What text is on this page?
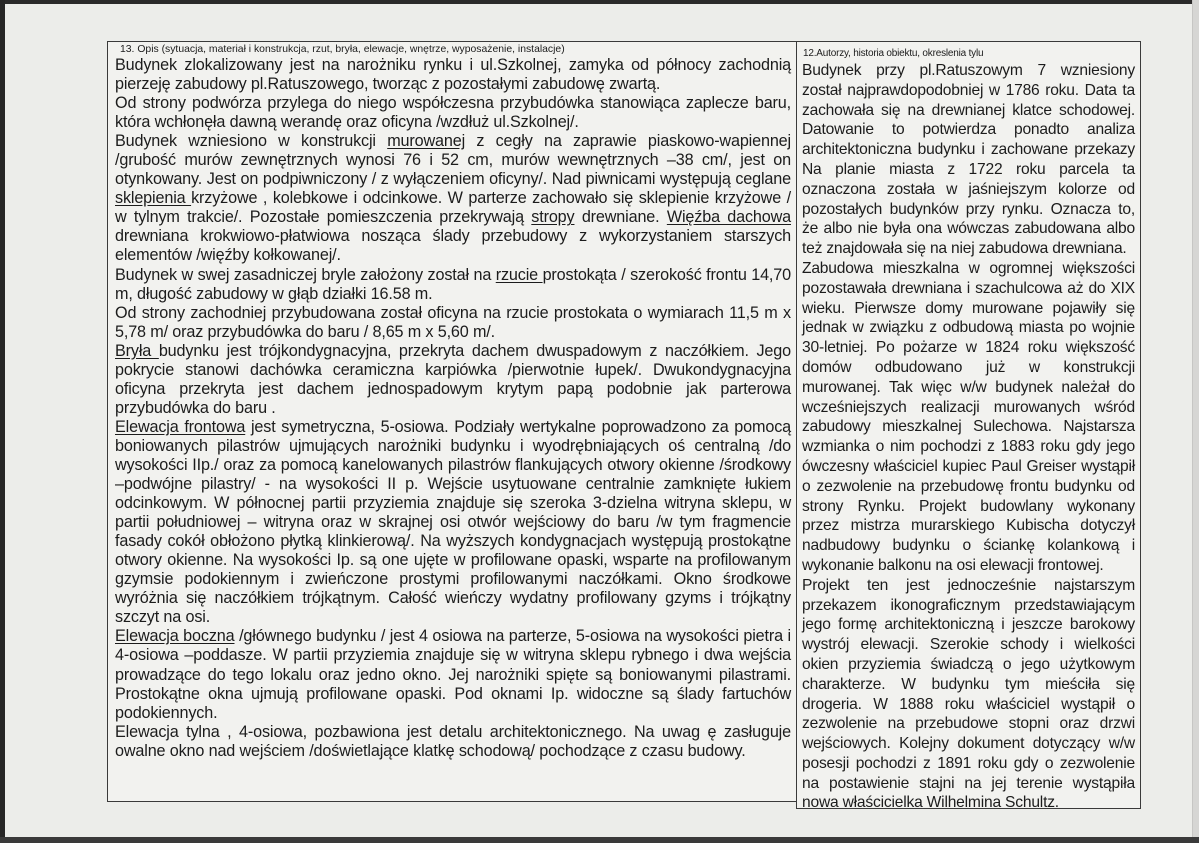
13. Opis (sytuacja, materiał i konstrukcja, rzut, bryła, elewacje, wnętrze, wyposażenie, instalacje)

Budynek zlokalizowany jest na narożniku rynku i ul.Szkolnej, zamyka od północy zachodnią pierzeję zabudowy pl.Ratuszowego, tworząc z pozostałymi zabudowę zwartą.

Od strony podwórza przylega do niego współczesna przybudówka stanowiąca zaplecze baru, która wchłonęła dawną werandę oraz oficyna /wzdłuż ul.Szkolnej/.

Budynek wzniesiono w konstrukcji murowanej z cegły na zaprawie piaskowo-wapiennej /grubość murów zewnętrznych wynosi 76 i 52 cm, murów wewnętrznych –38 cm/, jest on otynkowany. Jest on podpiwniczony / z wyłączeniem oficyny/. Nad piwnicami występują ceglane sklepienia krzyżowe , kolebkowe i odcinkowe. W parterze zachowało się sklepienie krzyżowe / w tylnym trakcie/. Pozostałe pomieszczenia przekrywają stropy drewniane. Więźba dachowa drewniana krokwiowo-płatwiowa nosząca ślady przebudowy z wykorzystaniem starszych elementów /więźby kołkowanej/.

Budynek w swej zasadniczej bryle założony został na rzucie prostokąta / szerokość frontu 14,70 m, długość zabudowy w głąb działki 16.58 m.

Od strony zachodniej przybudowana został oficyna na rzucie prostokata o wymiarach 11,5 m x 5,78 m/ oraz przybudówka do baru / 8,65 m x 5,60 m/.

Bryła budynku jest trójkondygnacyjna, przekryta dachem dwuspadowym z naczółkiem. Jego pokrycie stanowi dachówka ceramiczna karpiówka /pierwotnie łupek/. Dwukondygnacyjna oficyna przekryta jest dachem jednospadowym krytym papą podobnie jak parterowa przybudówka do baru .

Elewacja frontowa jest symetryczna, 5-osiowa. Podziały wertykalne poprowadzono za pomocą boniowanych pilastrów ujmujących narożniki budynku i wyodrębniających oś centralną /do wysokości IIp./ oraz za pomocą kanelowanych pilastrów flankujących otwory okienne /środkowy –podwójne pilastry/ - na wysokości II p. Wejście usytuowane centralnie zamknięte łukiem odcinkowym. W północnej partii przyziemia znajduje się szeroka 3-dzielna witryna sklepu, w partii południowej – witryna oraz w skrajnej osi otwór wejściowy do baru /w tym fragmencie fasady cokół obłożono płytką klinkierową/. Na wyższych kondygnacjach występują prostokątne otwory okienne. Na wysokości Ip. są one ujęte w profilowane opaski, wsparte na profilowanym gzymsie podokiennym i zwieńczone prostymi profilowanymi naczółkami. Okno środkowe wyróżnia się naczółkiem trójkątnym. Całość wieńczy wydatny profilowany gzyms i trójkątny szczyt na osi.

Elewacja boczna /głównego budynku / jest 4 osiowa na parterze, 5-osiowa na wysokości pietra i 4-osiowa –poddasze. W partii przyziemia znajduje się w witryna sklepu rybnego i dwa wejścia prowadzące do tego lokalu oraz jedno okno. Jej narożniki spięte są boniowanymi pilastrami. Prostokątne okna ujmują profilowane opaski. Pod oknami Ip. widoczne są ślady fartuchów podokiennych.

Elewacja tylna , 4-osiowa, pozbawiona jest detalu architektonicznego. Na uwag ę zasługuje owalne okno nad wejściem /doświetlające klatkę schodową/ pochodzące z czasu budowy.

12.Autorzy, historia obiektu, okreslenia tylu

Budynek przy pl.Ratuszowym 7 wzniesiony został najprawdopodobniej w 1786 roku. Data ta zachowała się na drewnianej klatce schodowej. Datowanie to potwierdza ponadto analiza architektoniczna budynku i zachowane przekazy Na planie miasta z 1722 roku parcela ta oznaczona została w jaśniejszym kolorze od pozostałych budynków przy rynku. Oznacza to, że albo nie była ona wówczas zabudowana albo też znajdowała się na niej zabudowa drewniana.

Zabudowa mieszkalna w ogromnej większości pozostawała drewniana i szachulcowa aż do XIX wieku. Pierwsze domy murowane pojawiły się jednak w związku z odbudową miasta po wojnie 30-letniej. Po pożarze w 1824 roku większość domów odbudowano już w konstrukcji murowanej. Tak więc w/w budynek należał do wcześniejszych realizacji murowanych wśród zabudowy mieszkalnej Sulechowa. Najstarsza wzmianka o nim pochodzi z 1883 roku gdy jego ówczesny właściciel kupiec Paul Greiser wystąpił o zezwolenie na przebudowę frontu budynku od strony Rynku. Projekt budowlany wykonany przez mistrza murarskiego Kubischa dotyczył nadbudowy budynku o ściankę kolankową i wykonanie balkonu na osi elewacji frontowej.

Projekt ten jest jednocześnie najstarszym przekazem ikonograficznym przedstawiającym jego formę architektoniczną i jeszcze barokowy wystrój elewacji. Szerokie schody i wielkości okien przyziemia świadczą o jego użytkowym charakterze. W budynku tym mieściła się drogeria. W 1888 roku właściciel wystąpił o zezwolenie na przebudowe stopni oraz drzwi wejściowych. Kolejny dokument dotyczący w/w posesji pochodzi z 1891 roku gdy o zezwolenie na postawienie stajni na jej terenie wystąpiła nowa właścicielka Wilhelmina Schultz.
